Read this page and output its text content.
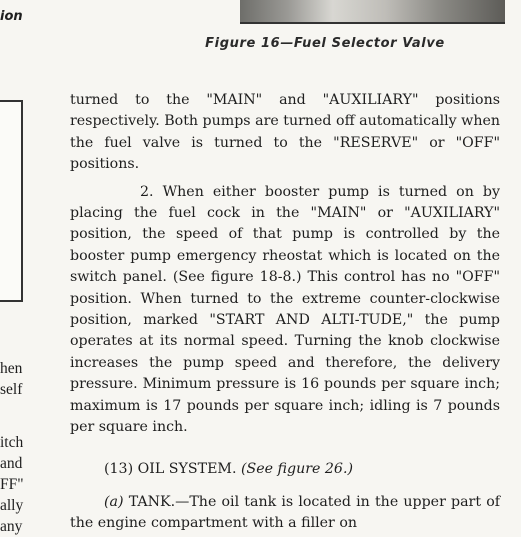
ion

hen

self

itch

and

FF"

ally

any

Figure 16—Fuel Selector Valve

turned to the "MAIN" and "AUXILIARY" positions respectively. Both pumps are turned off automatically when the fuel valve is turned to the "RESERVE" or "OFF" positions.

2. When either booster pump is turned on by placing the fuel cock in the "MAIN" or "AUXILIARY" position, the speed of that pump is controlled by the booster pump emergency rheostat which is located on the switch panel. (See figure 18-8.) This control has no "OFF" position. When turned to the extreme counter-clockwise position, marked "START AND ALTI-TUDE," the pump operates at its normal speed. Turning the knob clockwise increases the pump speed and therefore, the delivery pressure. Minimum pressure is 16 pounds per square inch; maximum is 17 pounds per square inch; idling is 7 pounds per square inch.

(13) OIL SYSTEM. (See figure 26.)

(a) TANK.—The oil tank is located in the upper part of the engine compartment with a filler on
